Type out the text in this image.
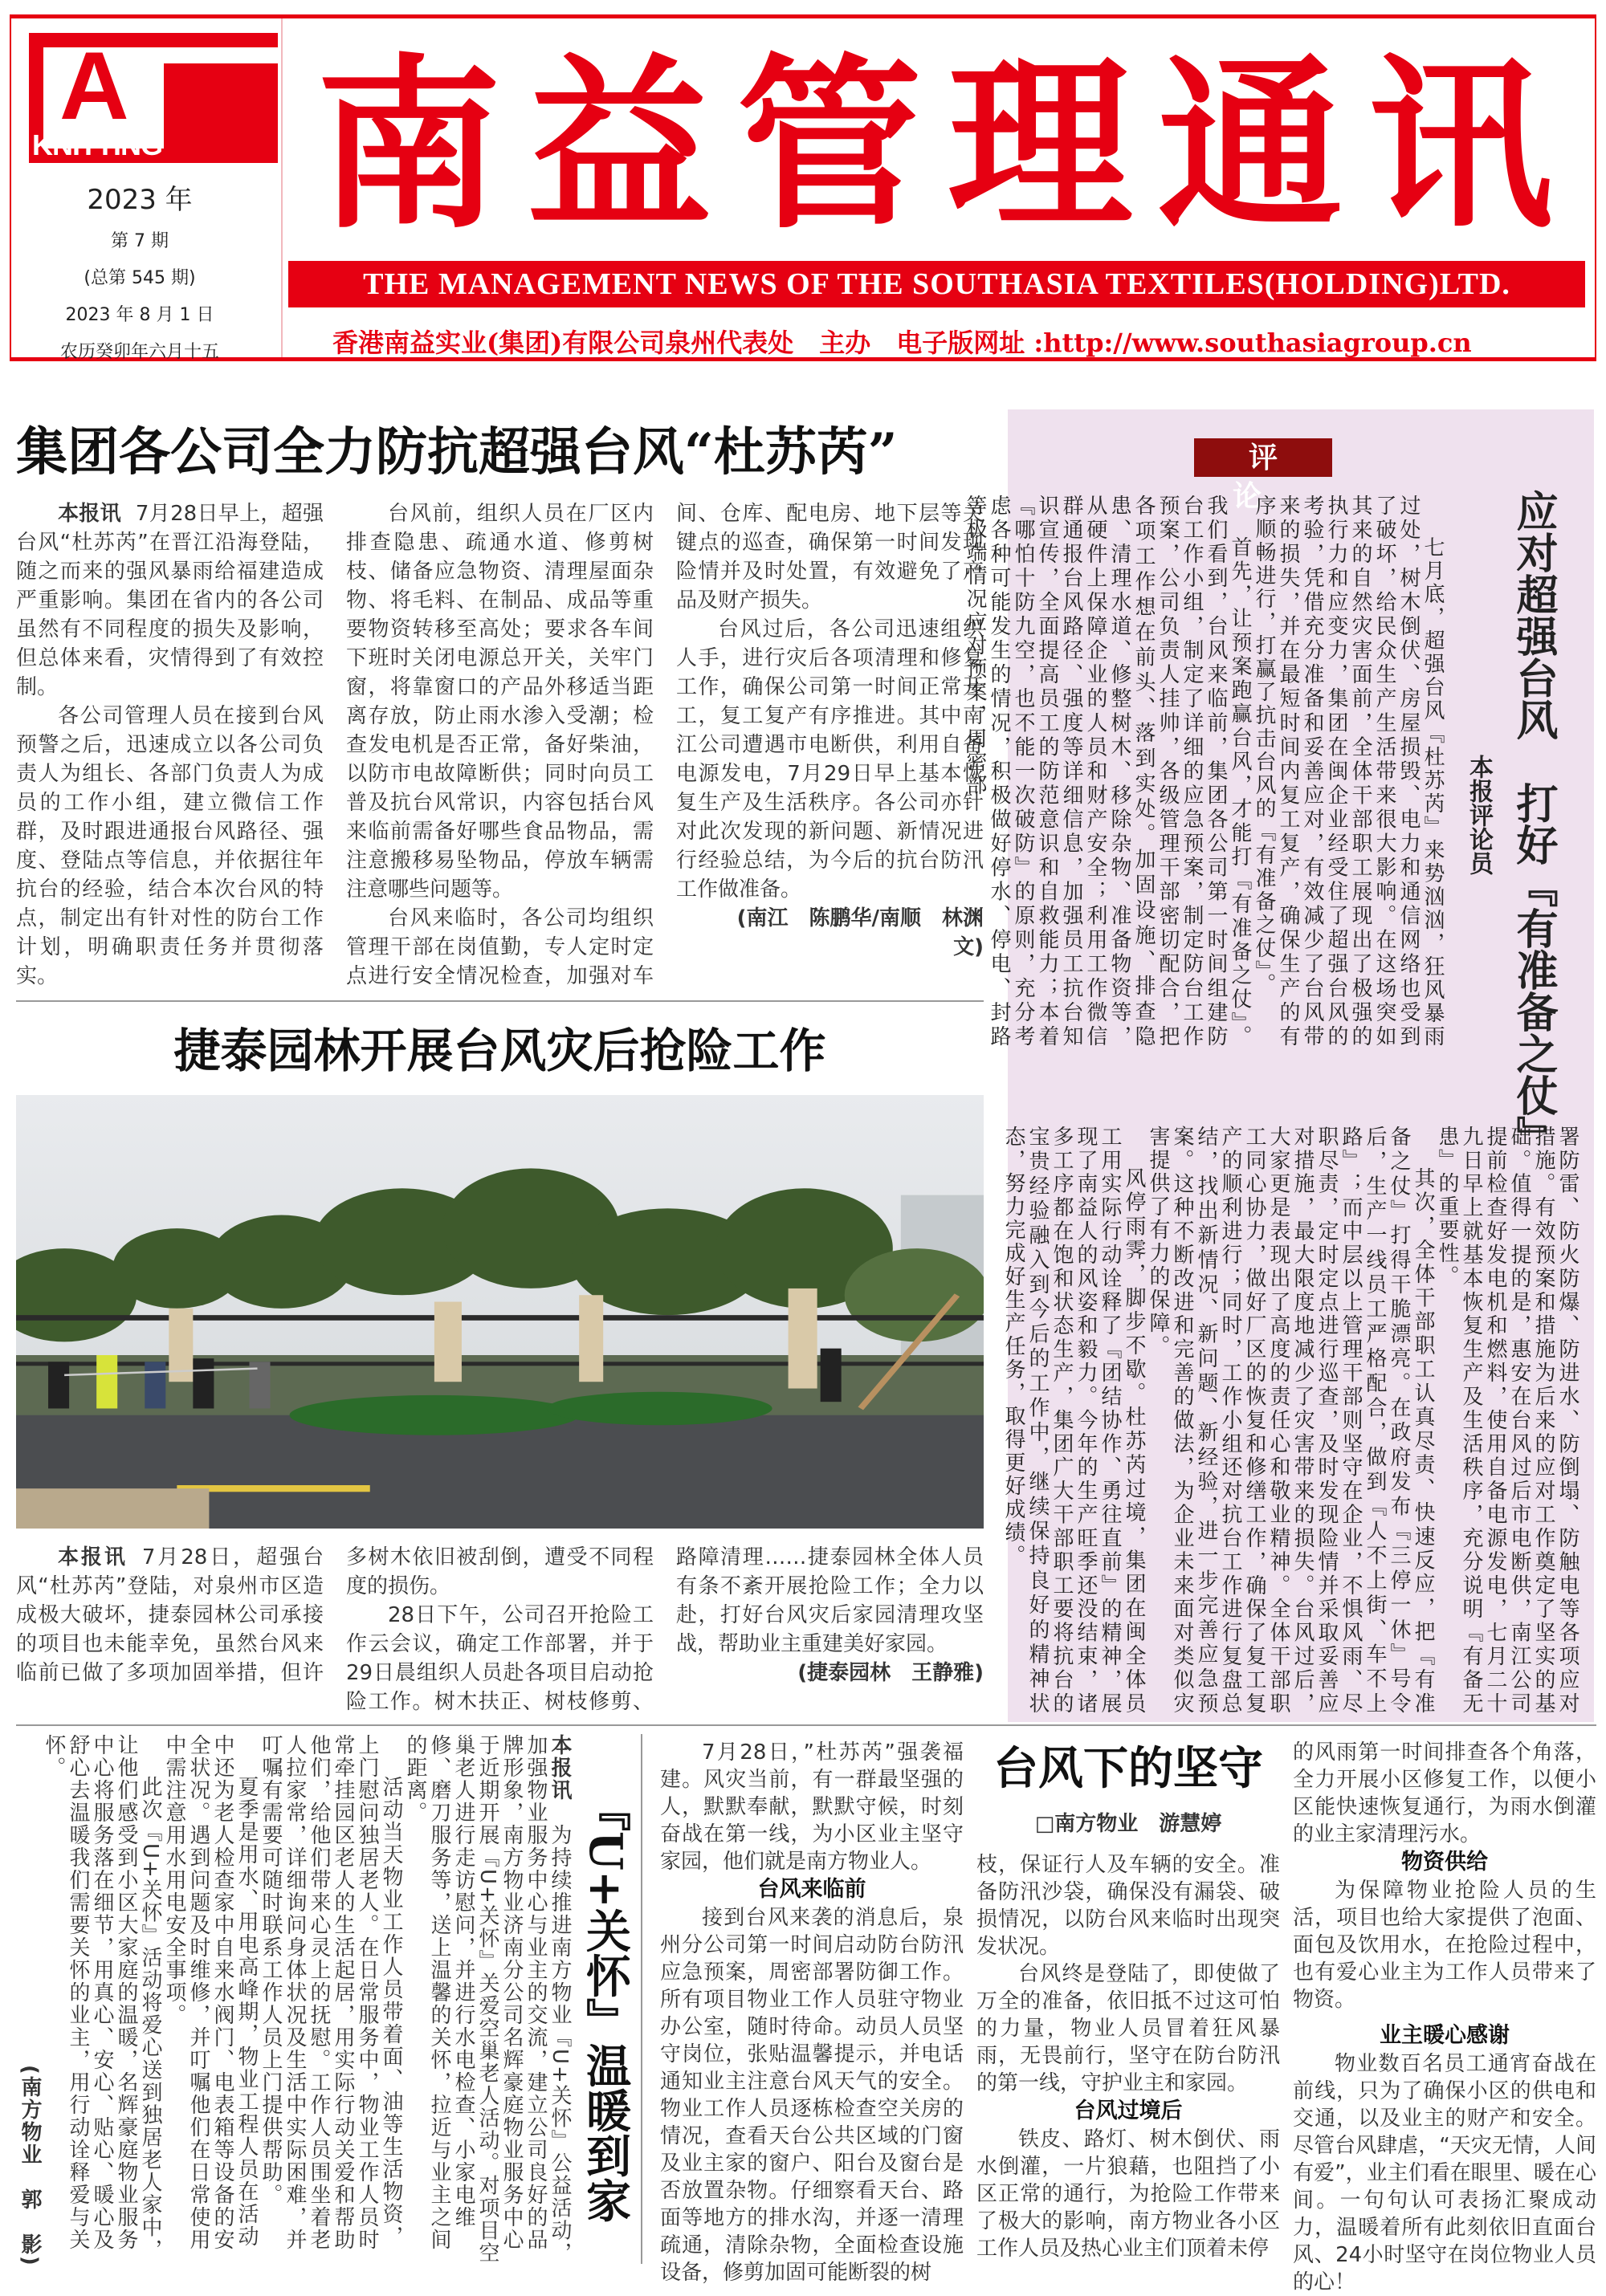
A
KNITTING
2023 年
第 7 期
(总第 545 期)
2023 年 8 月 1 日
农历癸卯年六月十五
南益管理通讯
THE MANAGEMENT NEWS OF THE SOUTHASIA TEXTILES(HOLDING)LTD.
香港南益实业(集团)有限公司泉州代表处　主办　电子版网址 :http://www.southasiagroup.cn
集团各公司全力防抗超强台风“杜苏芮”

本报讯 7月28日早上，超强台风“杜苏芮”在晋江沿海登陆，随之而来的强风暴雨给福建造成严重影响。集团在省内的各公司虽然有不同程度的损失及影响，但总体来看，灾情得到了有效控制。

各公司管理人员在接到台风预警之后，迅速成立以各公司负责人为组长、各部门负责人为成员的工作小组，建立微信工作群，及时跟进通报台风路径、强度、登陆点等信息，并依据往年抗台的经验，结合本次台风的特点，制定出有针对性的防台工作计划，明确职责任务并贯彻落实。

台风前，组织人员在厂区内排查隐患、疏通水道、修剪树枝、储备应急物资、清理屋面杂物、将毛料、在制品、成品等重要物资转移至高处；要求各车间下班时关闭电源总开关，关牢门窗，将靠窗口的产品外移适当距离存放，防止雨水渗入受潮；检查发电机是否正常，备好柴油，以防市电故障断供；同时向员工普及抗台风常识，内容包括台风来临前需备好哪些食品物品，需注意搬移易坠物品，停放车辆需注意哪些问题等。

台风来临时，各公司均组织管理干部在岗值勤，专人定时定点进行安全情况检查，加强对车间、仓库、配电房、地下层等关键点的巡查，确保第一时间发现险情并及时处置，有效避免了产品及财产损失。

台风过后，各公司迅速组织人手，进行灾后各项清理和修复工作，确保公司第一时间正常开工，复工复产有序推进。其中南江公司遭遇市电断供，利用自备电源发电，7月29日早上基本恢复生产及生活秩序。各公司亦针对此次发现的新问题、新情况进行经验总结，为今后的抗台防汛工作做准备。

(南江　陈鹏华/南顺　林渊文)

捷泰园林开展台风灾后抢险工作

本报讯 7月28日，超强台风“杜苏芮”登陆，对泉州市区造成极大破坏，捷泰园林公司承接的项目也未能幸免，虽然台风来临前已做了多项加固举措，但许多树木依旧被刮倒，遭受不同程度的损伤。

28日下午，公司召开抢险工作云会议，确定工作部署，并于29日晨组织人员赴各项目启动抢险工作。树木扶正、树枝修剪、路障清理……捷泰园林全体人员有条不紊开展抢险工作；全力以赴，打好台风灾后家园清理攻坚战，帮助业主重建美好家园。

(捷泰园林　王静雅)

评论	应对超强台风　打好『有准备之仗』
本报评论员

七月底，超强台风『杜苏芮』来势汹汹，狂风暴雨过处，树木倒伏、房屋损毁、电力和通信网络也受到了破坏，给民众生产生活带来很大影响。在这场突如其来的自然灾害面前，全体干部职工展现出了极强的执行力和应变力，集团在闽企业经受住了超强台风的考验，凭借充分准备和妥善应对，有效减少了台风带来的损失，并在最短时间内复工复产，确保生产的有序顺畅进行，打赢了抗击台风的『有准备之仗』。

首先，让预案跑赢台风，才能打『有准备之仗』。我们看到，台风来临前，集团各公司第一时间组建防台工作小组，制定了详细的应急预案，制定防台工作预案，公司负责人挂帅，各级管理干部密切配合，把各项工作想在前头、落到实处。加固设施、排查隐患、清理水道、修整树木、移除杂物、准备物资等，从硬件上保障企业的人员和财产安全；利用工作微信群通报台风路径、强度等详细信息，加强员工抗台知识宣传，全面提高员工的防范意识和自救能力；本着『哪怕十防九空，也不能一次破防』的原则，充分考虑各种可能发生的情况，积极做好停水、停电、封路等极端情况应对预案，周密部

署防雷、防火防爆、防进水、防倒塌、防触电等各项应对措施。有效预案和措施为后来的应对工作奠定了坚实的基础。值得一提的是，惠安在台风过后市电断供，南江公司提前检查好发电机和燃料，使用自备电源发电，七月二十九日早上就基本恢复生产及生活秩序，充分说明『有备无患』的重要性。

其次，全体干部职工认真尽责、快速反应，把『有准备之仗』打得干脆漂亮。在政府发布『三停一休』号令后，生产一线员工严格配合，做到『人不上街、车不上路』；而中层以上管理干部则坚守在企业，不惧风雨、尽职尽责，定时定点进行巡查，及时发现险情并采取妥善应对措施，最大限度地减少了灾害带来的损失。台风过后，大家更是表现出了高度的责任心和敬业精神。全体干部职工同心协力，做好厂区的恢复和修缮工作，确保了复工复产的顺利进行；同时，工作小组还对抗台工作进行复盘总结，找出新情况、新问题、新经验，进一步完善应急预案。这种不断改进和完善的做法，为企业未来面对类似灾害提供了有力的保障。

风停雨霁，脚步不歇。杜苏芮过境，集团在闽全体员工用实际行动诠释了『团结协作、勇往直前』的精神，展现了南益人的风姿和毅力。今年的生产旺季还没结束，诸多工序都在饱和状态生产，集团广大干部职工要将抗台的宝贵经验融入到今后的工作中，继续保持良好的精神状态，努力完成好生产任务，取得更好成绩。

『U+关怀』温暖到家

本报讯　为持续推进南方物业『U+关怀』公益活动，加强物业服务中心与业主的交流，建立公司良好的品牌形象，南方物业济南分公司名辉豪庭物业服务中心于近期开展『U+关怀』关爱空巢老人活动。对项目空巢老人进行走访慰问，并进行水电检查、小家电维修、磨刀服务等，送上温馨的关怀，拉近与业主之间的距离。

活动当天物业工作人员带着面、油等生活物资，上门慰问独居老人。在日常服务中，物业工作人员时常牵挂园区老人的生活起居，用实际行动关爱和帮助他们，给他们带来心灵上的抚慰。工作人员围坐着老人拉家常，详细询问身体状况及生活中实际困难，并叮嘱有需要可随时联系工作人员上门提供帮助。

夏季是用水、用电高峰期，物业工程人员在活动中还为老人检查家中自来水阀门、电表箱等设备的安全状况。遇到问题及时维修，并叮嘱他们在日常使用中需注意用水用电安全事项。

此次『U+关怀』活动将爱心送到独居老人家中，让他们感受到小区大家庭的温暖，名辉豪庭物业服务中心将服务落在细节，用真心、安心、贴心、暖心及舒心去温暖我们需要关怀的业主，用行动诠释爱与关怀。

(南方物业　郭　影)

7月28日，”杜苏芮”强袭福建。风灾当前，有一群最坚强的人，默默奉献，默默守候，时刻奋战在第一线，为小区业主坚守家园，他们就是南方物业人。

台风来临前

接到台风来袭的消息后，泉州分公司第一时间启动防台防汛应急预案，周密部署防御工作。所有项目物业工作人员驻守物业办公室，随时待命。动员人员坚守岗位，张贴温馨提示，并电话通知业主注意台风天气的安全。物业工作人员逐栋检查空关房的情况，查看天台公共区域的门窗及业主家的窗户、阳台及窗台是否放置杂物。仔细察看天台、路面等地方的排水沟，并逐一清理疏通，清除杂物，全面检查设施设备，修剪加固可能断裂的树

台风下的坚守
□南方物业　游慧婷

枝，保证行人及车辆的安全。准备防汛沙袋，确保没有漏袋、破损情况，以防台风来临时出现突发状况。

台风终是登陆了，即使做了万全的准备，依旧抵不过这可怕的力量，物业人员冒着狂风暴雨，无畏前行，坚守在防台防汛的第一线，守护业主和家园。

台风过境后

铁皮、路灯、树木倒伏、雨水倒灌，一片狼藉，也阻挡了小区正常的通行，为抢险工作带来了极大的影响，南方物业各小区工作人员及热心业主们顶着未停

的风雨第一时间排查各个角落，全力开展小区修复工作，以便小区能快速恢复通行，为雨水倒灌的业主家清理污水。

物资供给

为保障物业抢险人员的生活，项目也给大家提供了泡面、面包及饮用水，在抢险过程中，也有爱心业主为工作人员带来了物资。

业主暖心感谢

物业数百名员工通宵奋战在前线，只为了确保小区的供电和交通，以及业主的财产和安全。尽管台风肆虐，“天灾无情，人间有爱”，业主们看在眼里、暖在心间。一句句认可表扬汇聚成动力，温暖着所有此刻依旧直面台风、24小时坚守在岗位物业人员的心！
